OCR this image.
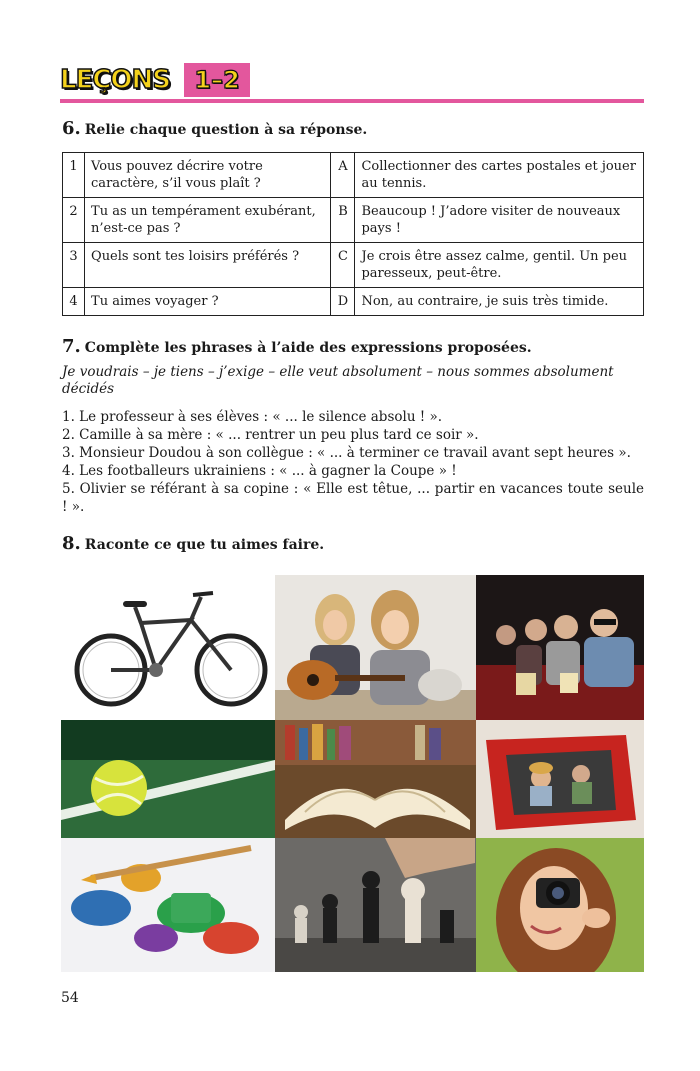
LEÇONS 1–2
6. Relie chaque question à sa réponse.
1	Vous pouvez décrire votre caractère, s’il vous plaît ?	A	Collectionner des cartes postales et jouer au tennis.
2	Tu as un tempérament exubérant, n’est-ce pas ?	B	Beaucoup ! J’adore visiter de nouveaux pays !
3	Quels sont tes loisirs préférés ?	C	Je crois être assez calme, gentil. Un peu paresseux, peut-être.
4	Tu aimes voyager ?	D	Non, au contraire, je suis très timide.
7. Complète les phrases à l’aide des expressions proposées.
Je voudrais – je tiens – j’exige – elle veut absolument – nous sommes absolument décidés
1. Le professeur à ses élèves : « ... le silence absolu ! ».
2. Camille à sa mère : « ... rentrer un peu plus tard ce soir ».
3. Monsieur Doudou à son collègue : « ... à terminer ce travail avant sept heures ».
4. Les footballeurs ukrainiens : « ... à gagner la Coupe » !
5. Olivier se référant à sa copine : « Elle est têtue, ... partir en vacances toute seule ! ».
8. Raconte ce que tu aimes faire.
54
